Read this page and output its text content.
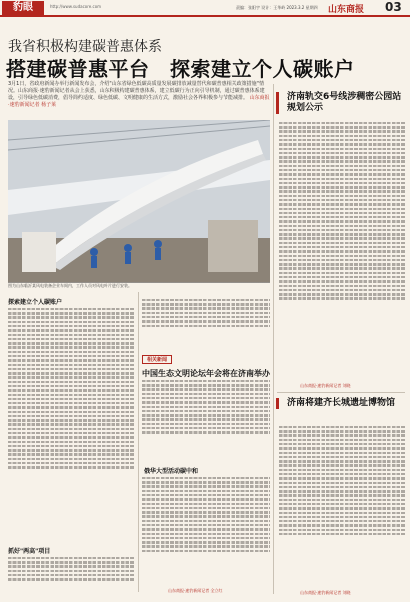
豹眼	http://www.sudacore.com	责编：张阳宇 设计：王华岭 2023.3.2 星期四 山东商报 03
我省积极构建碳普惠体系
搭建碳普惠平台　探索建立个人碳账户
3月1日，省政府新闻办举行新闻发布会，介绍"山东省绿色低碳高质量发展碳排放减量替代和碳普惠相关政策措施"情况。山东商报·速豹新闻记者从会上获悉，山东积极构建碳普惠体系，建立低碳行为正向引导机制，通过碳普惠体系建设，引导绿色低碳消费，倡导简约适度、绿色低碳、文明健康的生活方式，激励社会各界积极参与节能减排。 山东商报·速豹新闻记者 杨子莱
图为山东临沂某风电装备企业车间内，工作人员对风电叶片进行安装。
探索建立个人碳账户
抓好"两高"项目
相关新闻
中国生态文明论坛年会将在济南举办
俄华大型活动碳中和
山东商报·速豹新闻记者 全立红
济南轨交6号线涉稠密公园站规划公示
山东商报·速豹新闻记者 刘晓
济南将建齐长城遗址博物馆
山东商报·速豹新闻记者 刘晓
